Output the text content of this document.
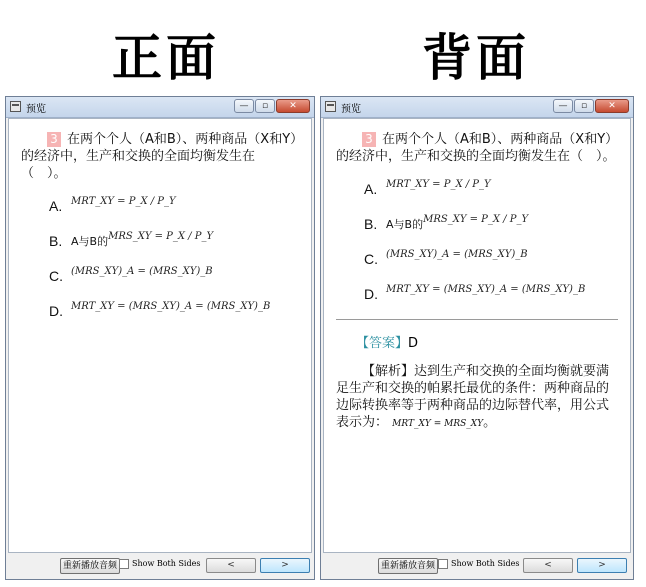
正面	背面
预览	—	▫	✕
3 在两个个人（A和B）、两种商品（X和Y）的经济中，生产和交换的全面均衡发生在（　）。
A. MRT_XY = P_X / P_Y
B. A与B的 MRS_XY = P_X / P_Y
C. (MRS_XY)_A = (MRS_XY)_B
D. MRT_XY = (MRS_XY)_A = (MRS_XY)_B
重新播放音频	Show Both Sides	<	>
预览	—	▫	✕
3 在两个个人（A和B）、两种商品（X和Y）的经济中，生产和交换的全面均衡发生在（　）。
A. MRT_XY = P_X / P_Y
B. A与B的 MRS_XY = P_X / P_Y
C. (MRS_XY)_A = (MRS_XY)_B
D. MRT_XY = (MRS_XY)_A = (MRS_XY)_B
【答案】D
【解析】达到生产和交换的全面均衡就要满足生产和交换的帕累托最优的条件：两种商品的边际转换率等于两种商品的边际替代率，用公式表示为： MRT_XY = MRS_XY。
重新播放音频	Show Both Sides	<	>
